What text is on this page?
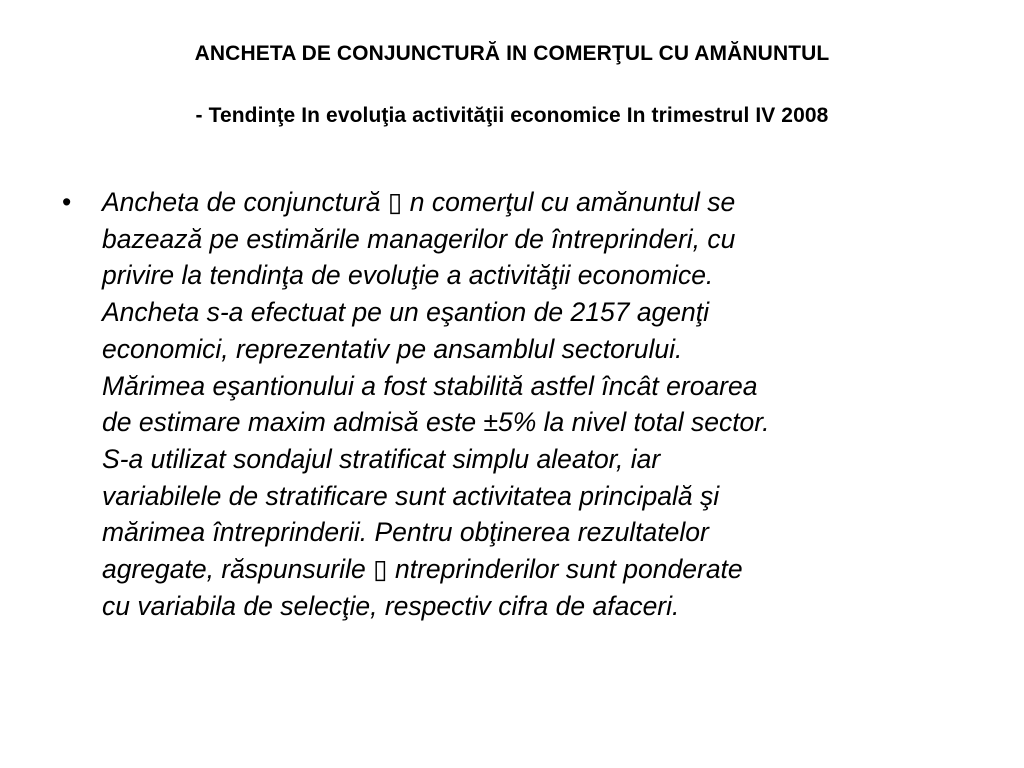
ANCHETA DE CONJUNCTURĂ IN COMERŢUL CU AMĂNUNTUL
- Tendinţe In evoluţia activităţii economice In trimestrul IV 2008
• Ancheta de conjunctură ▯ n comerţul cu amănuntul se
bazează pe estimările managerilor de întreprinderi, cu
privire la tendinţa de evoluţie a activităţii economice.
Ancheta s-a efectuat pe un eşantion de 2157 agenţi
economici, reprezentativ pe ansamblul sectorului.
Mărimea eşantionului a fost stabilită astfel încât eroarea
de estimare maxim admisă este ±5% la nivel total sector.
S-a utilizat sondajul stratificat simplu aleator, iar
variabilele de stratificare sunt activitatea principală şi
mărimea întreprinderii. Pentru obţinerea rezultatelor
agregate, răspunsurile ▯ ntreprinderilor sunt ponderate
cu variabila de selecţie, respectiv cifra de afaceri.
